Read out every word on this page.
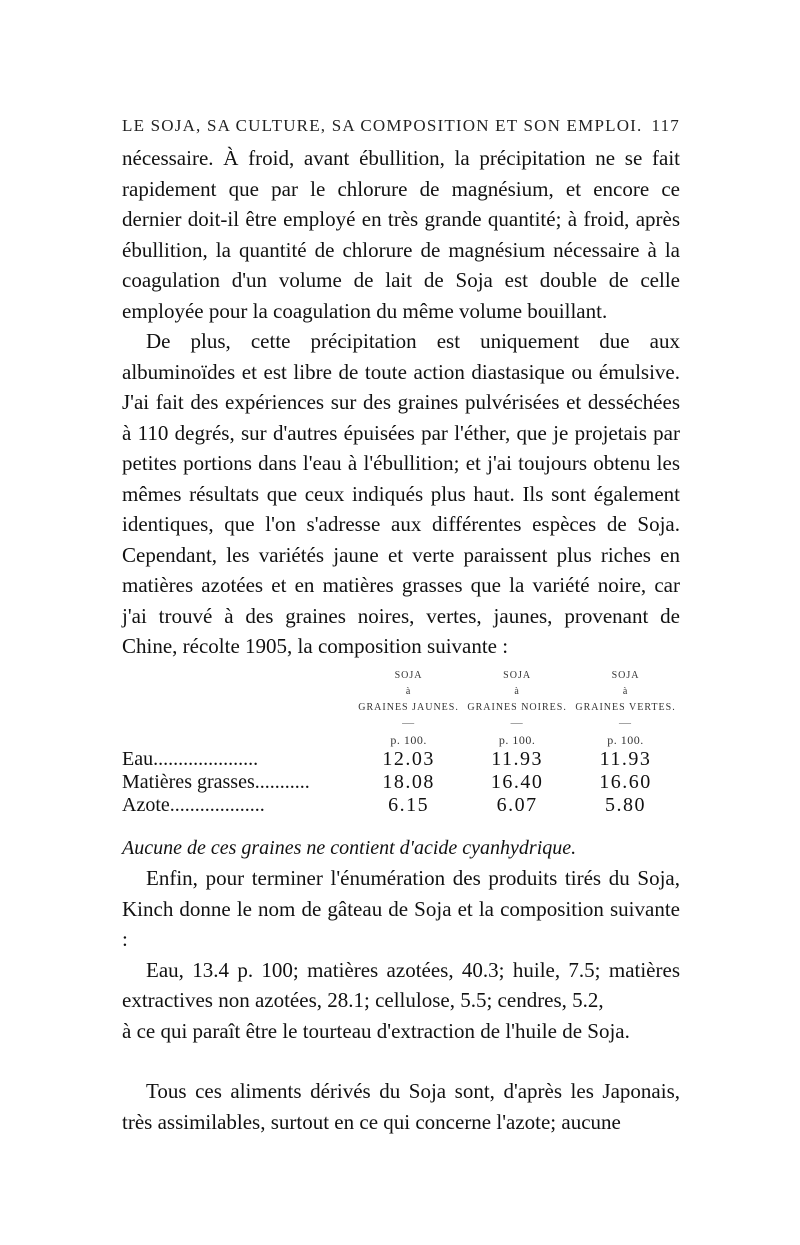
LE SOJA, SA CULTURE, SA COMPOSITION ET SON EMPLOI. 117

nécessaire. À froid, avant ébullition, la précipitation ne se fait rapidement que par le chlorure de magnésium, et encore ce dernier doit-il être employé en très grande quantité; à froid, après ébullition, la quantité de chlorure de magnésium nécessaire à la coagulation d'un volume de lait de Soja est double de celle employée pour la coagulation du même volume bouillant.

De plus, cette précipitation est uniquement due aux albuminoïdes et est libre de toute action diastasique ou émulsive. J'ai fait des expériences sur des graines pulvérisées et desséchées à 110 degrés, sur d'autres épuisées par l'éther, que je projetais par petites portions dans l'eau à l'ébullition; et j'ai toujours obtenu les mêmes résultats que ceux indiqués plus haut. Ils sont également identiques, que l'on s'adresse aux différentes espèces de Soja. Cependant, les variétés jaune et verte paraissent plus riches en matières azotées et en matières grasses que la variété noire, car j'ai trouvé à des graines noires, vertes, jaunes, provenant de Chine, récolte 1905, la composition suivante :

	SOJA	SOJA	SOJA
	à	à	à
	GRAINES JAUNES.	GRAINES NOIRES.	GRAINES VERTES.
	—	—	—
	p. 100.	p. 100.	p. 100.
Eau.....................	12.03	11.93	11.93
Matières grasses...........	18.08	16.40	16.60
Azote...................	6.15	6.07	5.80

Aucune de ces graines ne contient d'acide cyanhydrique.

Enfin, pour terminer l'énumération des produits tirés du Soja, Kinch donne le nom de gâteau de Soja et la composition suivante :

Eau, 13.4 p. 100; matières azotées, 40.3; huile, 7.5; matières extractives non azotées, 28.1; cellulose, 5.5; cendres, 5.2,

à ce qui paraît être le tourteau d'extraction de l'huile de Soja.

Tous ces aliments dérivés du Soja sont, d'après les Japonais, très assimilables, surtout en ce qui concerne l'azote; aucune
